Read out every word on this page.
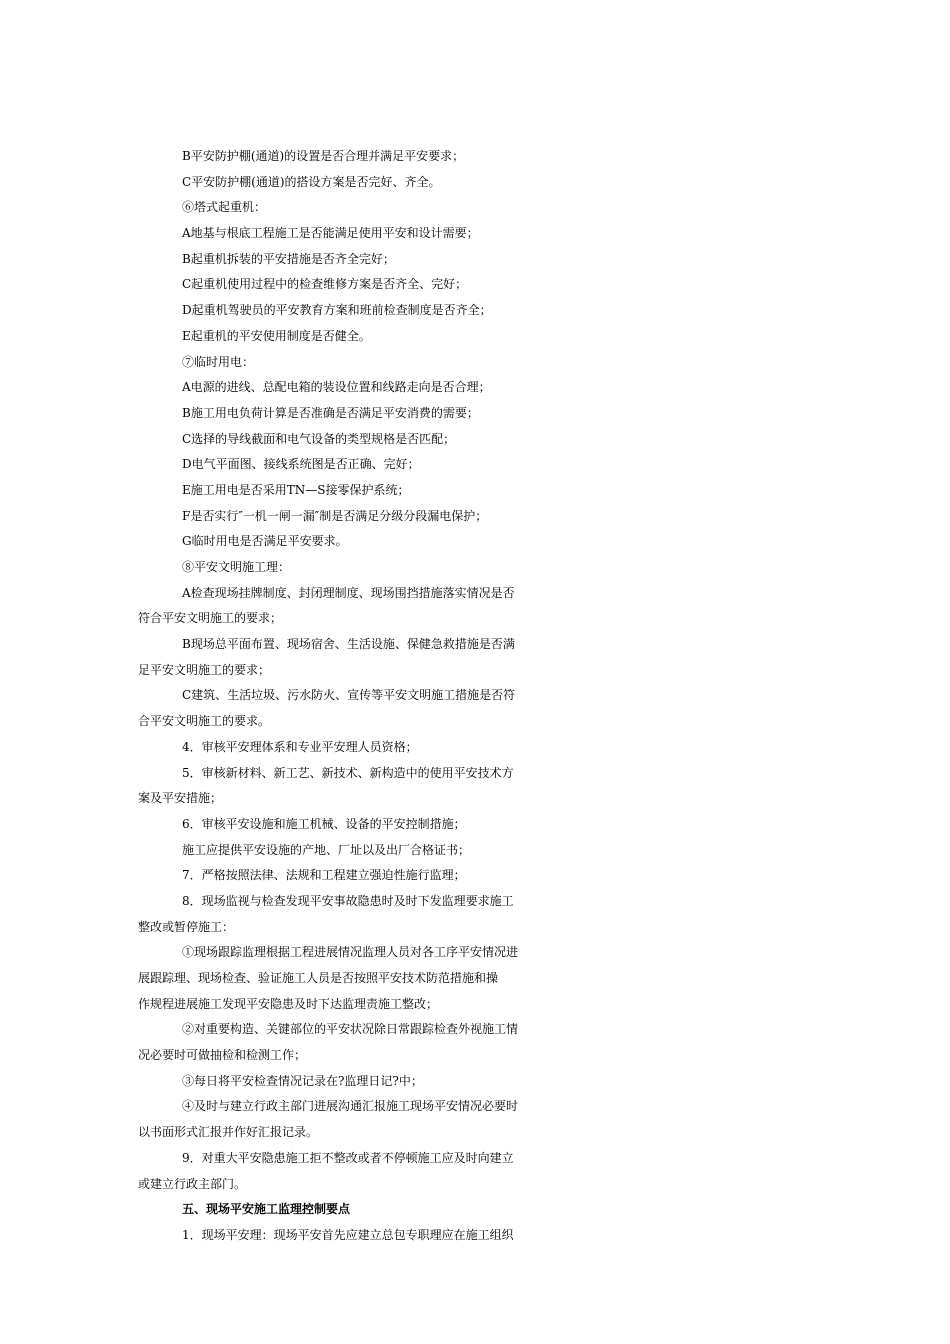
B平安防护棚(通道)的设置是否合理并满足平安要求；
C平安防护棚(通道)的搭设方案是否完好、齐全。
⑥塔式起重机：
A地基与根底工程施工是否能满足使用平安和设计需要；
B起重机拆装的平安措施是否齐全完好；
C起重机使用过程中的检查维修方案是否齐全、完好；
D起重机驾驶员的平安教育方案和班前检查制度是否齐全；
E起重机的平安使用制度是否健全。
⑦临时用电：
A电源的进线、总配电箱的装设位置和线路走向是否合理；
B施工用电负荷计算是否准确是否满足平安消费的需要；
C选择的导线截面和电气设备的类型规格是否匹配；
D电气平面图、接线系统图是否正确、完好；
E施工用电是否采用TN—S接零保护系统；
F是否实行″一机一闸一漏″制是否满足分级分段漏电保护；
G临时用电是否满足平安要求。
⑧平安文明施工理：
A检查现场挂牌制度、封闭理制度、现场围挡措施落实情况是否
符合平安文明施工的要求；
B现场总平面布置、现场宿舍、生活设施、保健急救措施是否满
足平安文明施工的要求；
C建筑、生活垃圾、污水防火、宣传等平安文明施工措施是否符
合平安文明施工的要求。
4．审核平安理体系和专业平安理人员资格；
5．审核新材料、新工艺、新技术、新构造中的使用平安技术方
案及平安措施；
6．审核平安设施和施工机械、设备的平安控制措施；
施工应提供平安设施的产地、厂址以及出厂合格证书；
7．严格按照法律、法规和工程建立强迫性施行监理；
8．现场监视与检查发现平安事故隐患时及时下发监理要求施工
整改或暂停施工：
①现场跟踪监理根据工程进展情况监理人员对各工序平安情况进
展跟踪理、现场检查、验证施工人员是否按照平安技术防范措施和操
作规程进展施工发现平安隐患及时下达监理责施工整改；
②对重要构造、关键部位的平安状况除日常跟踪检查外视施工情
况必要时可做抽检和检测工作；
③每日将平安检查情况记录在?监理日记?中；
④及时与建立行政主部门进展沟通汇报施工现场平安情况必要时
以书面形式汇报并作好汇报记录。
9．对重大平安隐患施工拒不整改或者不停顿施工应及时向建立
或建立行政主部门。
五、现场平安施工监理控制要点
1．现场平安理：现场平安首先应建立总包专职理应在施工组织
